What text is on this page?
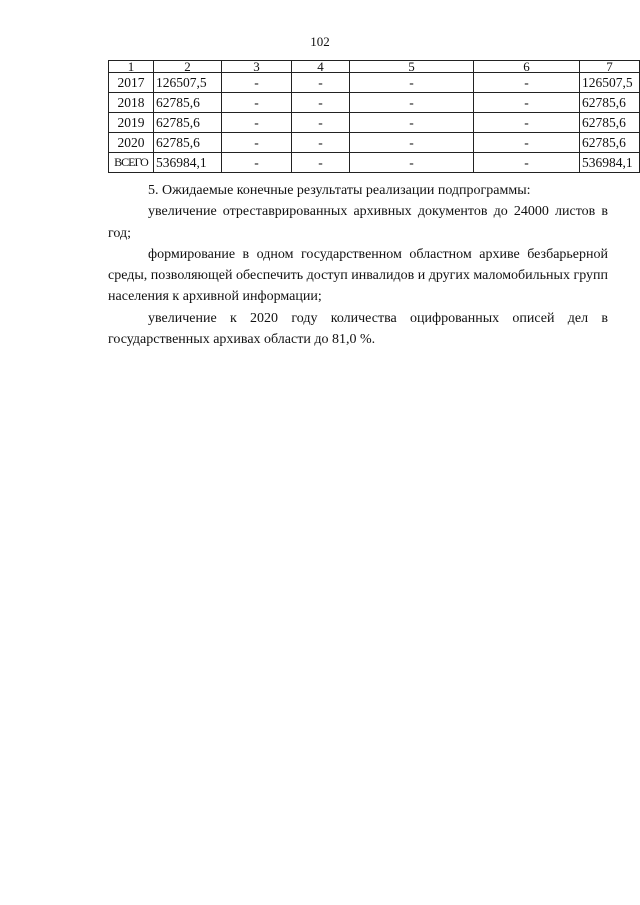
102
1	2	3	4	5	6	7
2017	126507,5	-	-	-	-	126507,5
2018	62785,6	-	-	-	-	62785,6
2019	62785,6	-	-	-	-	62785,6
2020	62785,6	-	-	-	-	62785,6
ВСЕГО	536984,1	-	-	-	-	536984,1

5. Ожидаемые конечные результаты реализации подпрограммы:

увеличение отреставрированных архивных документов до 24000 листов в год;

формирование в одном государственном областном архиве безбарьерной среды, позволяющей обеспечить доступ инвалидов и других маломобильных групп населения к архивной информации;

увеличение к 2020 году количества оцифрованных описей дел в государственных архивах области до 81,0 %.
